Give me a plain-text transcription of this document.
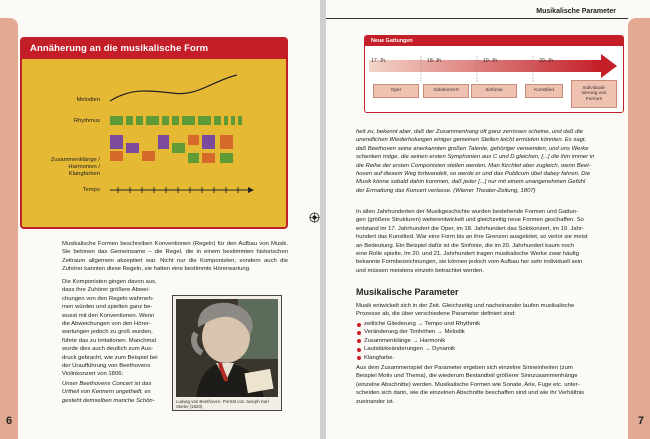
Annäherung an die musikalische Form
Melodien
Rhythmus
Zusammenklänge /
Harmonien /
Klangfarben
Tempo
Musikalische Formen beschreiben Konventionen (Regeln) für den Aufbau von Musik. Sie betonen das Gemeinsame – die Regel, die in einem bestimmten historischen Zeitraum allgemein akzeptiert war. Nicht nur die Komponisten, sondern auch die Zuhörer kannten diese Regeln, sie hatten eine bestimmte Hörerwartung.
Die Komponisten gingen davon aus,
dass ihre Zuhörer größere Abwei-
chungen von den Regeln wahrneh-
men würden und spielten ganz be-
wusst mit den Konventionen. Wenn
die Abweichungen von den Hörer-
wartungen jedoch zu groß wurden,
führte das zu Irritationen. Manchmal
wurde dies auch deutlich zum Aus-
druck gebracht, wie zum Beispiel bei
der Uraufführung von Beethovens
Violinkonzert von 1806:
Unser Beethovens Concert ist das
Urtheil von Kennern ungetheilt, es
gesteht demselben manche Schön-	Ludwig van Beethoven. Porträt von Joseph Karl Stieler (1820)
6
Musikalische Parameter
Neue Gattungen
17. Jh.	18. Jh.	19. Jh.	20. Jh.
Oper	Solokonzert	Sinfonie	Kunstlied
Individuali-
sierung von
Formen
heit zu, bekennt aber, daß der Zusammenhang oft ganz zerrissen scheine, und daß die
unendlichen Wiederholungen einiger gemeinen Stellen leicht ermüden könnten. Es sagt,
daß Beethoven seine anerkannten großen Talente, gehöriger verwenden, und uns Werke
schenken möge, die seinen ersten Symphonien aus C und D gleichen, [...] die ihm immer in
die Reihe der ersten Componisten stellen werden. Man fürchtet aber zugleich, wenn Beet-
hoven auf diesem Weg fortwandelt, so werde er und das Publicum übel dabey fahren. Die
Musik könne sobald dahin kommen, daß jeder [...] nur mit einem unangenehmen Gefühl
der Ermattung das Koncert verlasse. (Wiener Theater-Zeitung, 1807)
In allen Jahrhunderten der Musikgeschichte wurden bestehende Formen und Gattun-
gen (größere Strukturen) weiterentwickelt und gleichzeitig neue Formen geschaffen. So
entstand im 17. Jahrhundert die Oper, im 18. Jahrhundert das Solokonzert, im 19. Jahr-
hundert das Kunstlied. War eine Form bis an ihre Grenzen ausgelotet, so verlor sie meist
an Bedeutung. Ein Beispiel dafür ist die Sinfonie, die im 20. Jahrhundert kaum noch
eine Rolle spielte. Im 20. und 21. Jahrhundert tragen musikalische Werke zwar häufig
bekannte Formbezeichnungen, sie können jedoch vom Aufbau her sehr individuell sein
und müssen meistens einzeln betrachtet werden.
Musikalische Parameter
Musik entwickelt sich in der Zeit. Gleichzeitig und nacheinander laufen musikalische
Prozesse ab, die über verschiedene Parameter definiert sind:
zeitliche Gliederung → Tempo und Rhythmik
Veränderung der Tonhöhen → Melodik
Zusammenklänge → Harmonik
Lautstärkeänderungen → Dynamik
Klangfarbe.
Aus dem Zusammenspiel der Parameter ergeben sich einzelne Sinneinheiten (zum
Beispiel Motiv und Thema), die wiederum Bestandteil größerer Sinnzusammenhänge
(einzelne Abschnitte) werden. Musikalische Formen wie Sonate, Arie, Fuge etc. unter-
scheiden sich darin, wie die einzelnen Abschnitte beschaffen sind und wie ihr Verhältnis
zueinander ist.
7
